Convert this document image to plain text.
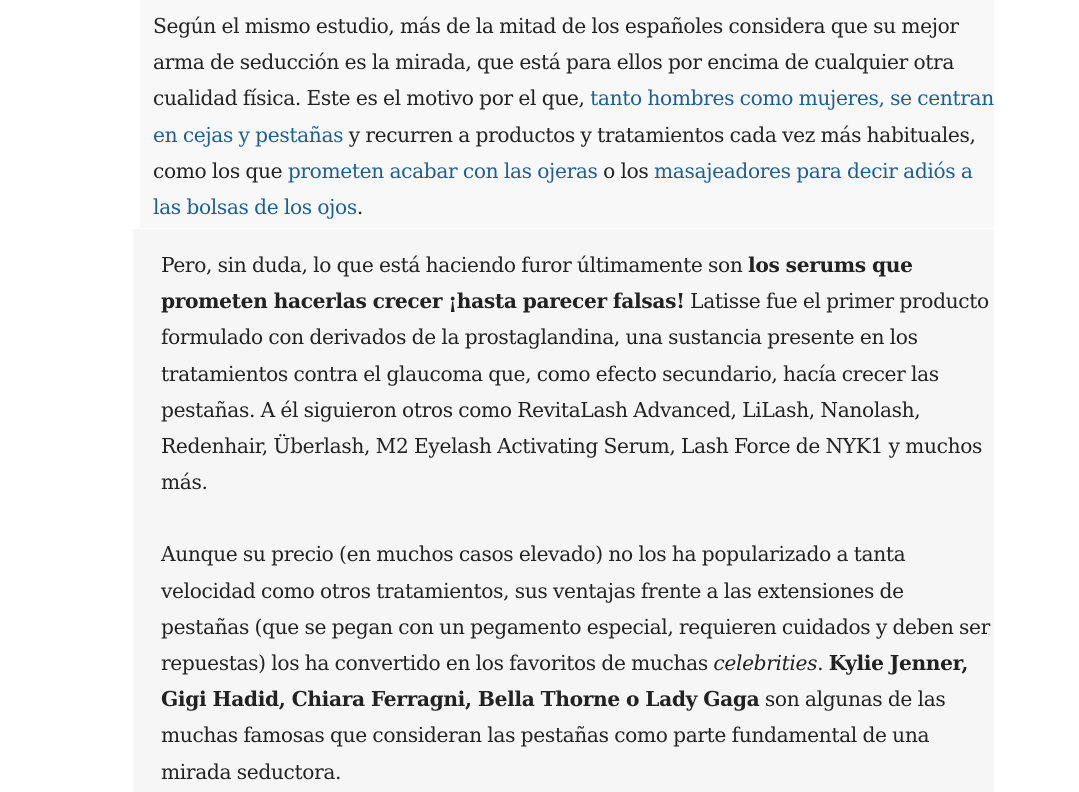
Según el mismo estudio, más de la mitad de los españoles considera que su mejor arma de seducción es la mirada, que está para ellos por encima de cualquier otra cualidad física. Este es el motivo por el que, tanto hombres como mujeres, se centran en cejas y pestañas y recurren a productos y tratamientos cada vez más habituales, como los que prometen acabar con las ojeras o los masajeadores para decir adiós a las bolsas de los ojos.

Pero, sin duda, lo que está haciendo furor últimamente son los serums que prometen hacerlas crecer ¡hasta parecer falsas! Latisse fue el primer producto formulado con derivados de la prostaglandina, una sustancia presente en los tratamientos contra el glaucoma que, como efecto secundario, hacía crecer las pestañas. A él siguieron otros como RevitaLash Advanced, LiLash, Nanolash, Redenhair, Überlash, M2 Eyelash Activating Serum, Lash Force de NYK1 y muchos más.

Aunque su precio (en muchos casos elevado) no los ha popularizado a tanta velocidad como otros tratamientos, sus ventajas frente a las extensiones de pestañas (que se pegan con un pegamento especial, requieren cuidados y deben ser repuestas) los ha convertido en los favoritos de muchas celebrities. Kylie Jenner, Gigi Hadid, Chiara Ferragni, Bella Thorne o Lady Gaga son algunas de las muchas famosas que consideran las pestañas como parte fundamental de una mirada seductora.
